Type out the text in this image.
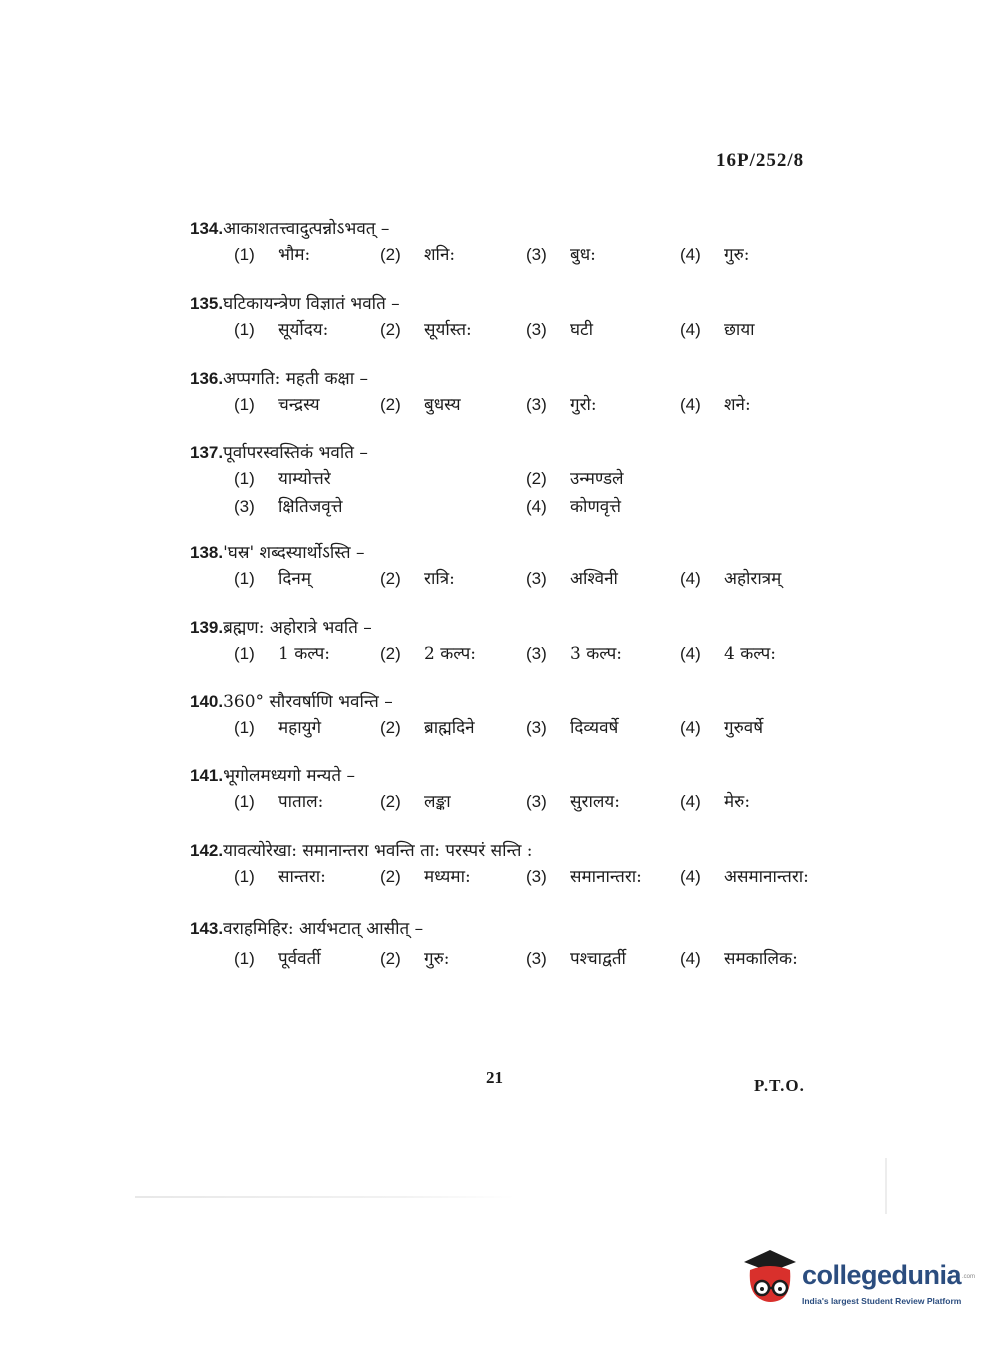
16P/252/8
134.आकाशतत्त्वादुत्पन्नोऽभवत् –
(1) भौम:	(2) शनि:	(3) बुध:	(4) गुरु:
135.घटिकायन्त्रेण विज्ञातं भवति –
(1) सूर्योदय:	(2) सूर्यास्त:	(3) घटी	(4) छाया
136.अप्पगति: महती कक्षा –
(1) चन्द्रस्य	(2) बुधस्य	(3) गुरो:	(4) शने:
137.पूर्वापरस्वस्तिकं भवति –
(1) याम्योत्तरे	(2) उन्मण्डले
(3) क्षितिजवृत्ते	(4) कोणवृत्ते
138.'घस्र' शब्दस्यार्थोऽस्ति –
(1) दिनम्	(2) रात्रि:	(3) अश्विनी	(4) अहोरात्रम्
139.ब्रह्मण: अहोरात्रे भवति –
(1) 1 कल्प:	(2) 2 कल्प:	(3) 3 कल्प:	(4) 4 कल्प:
140.360° सौरवर्षाणि भवन्ति –
(1) महायुगे	(2) ब्राह्मदिने	(3) दिव्यवर्षे	(4) गुरुवर्षे
141.भूगोलमध्यगो मन्यते –
(1) पाताल:	(2) लङ्का	(3) सुरालय:	(4) मेरु:
142.यावत्योरेखा: समानान्तरा भवन्ति ता: परस्परं सन्ति :
(1) सान्तरा:	(2) मध्यमा:	(3) समानान्तरा: (4) असमानान्तरा:
143.वराहमिहिर: आर्यभटात् आसीत् –
(1) पूर्ववर्ती	(2) गुरु:	(3) पश्चाद्वर्ती	(4) समकालिक:
21	P.T.O.
collegedunia .com
India's largest Student Review Platform
